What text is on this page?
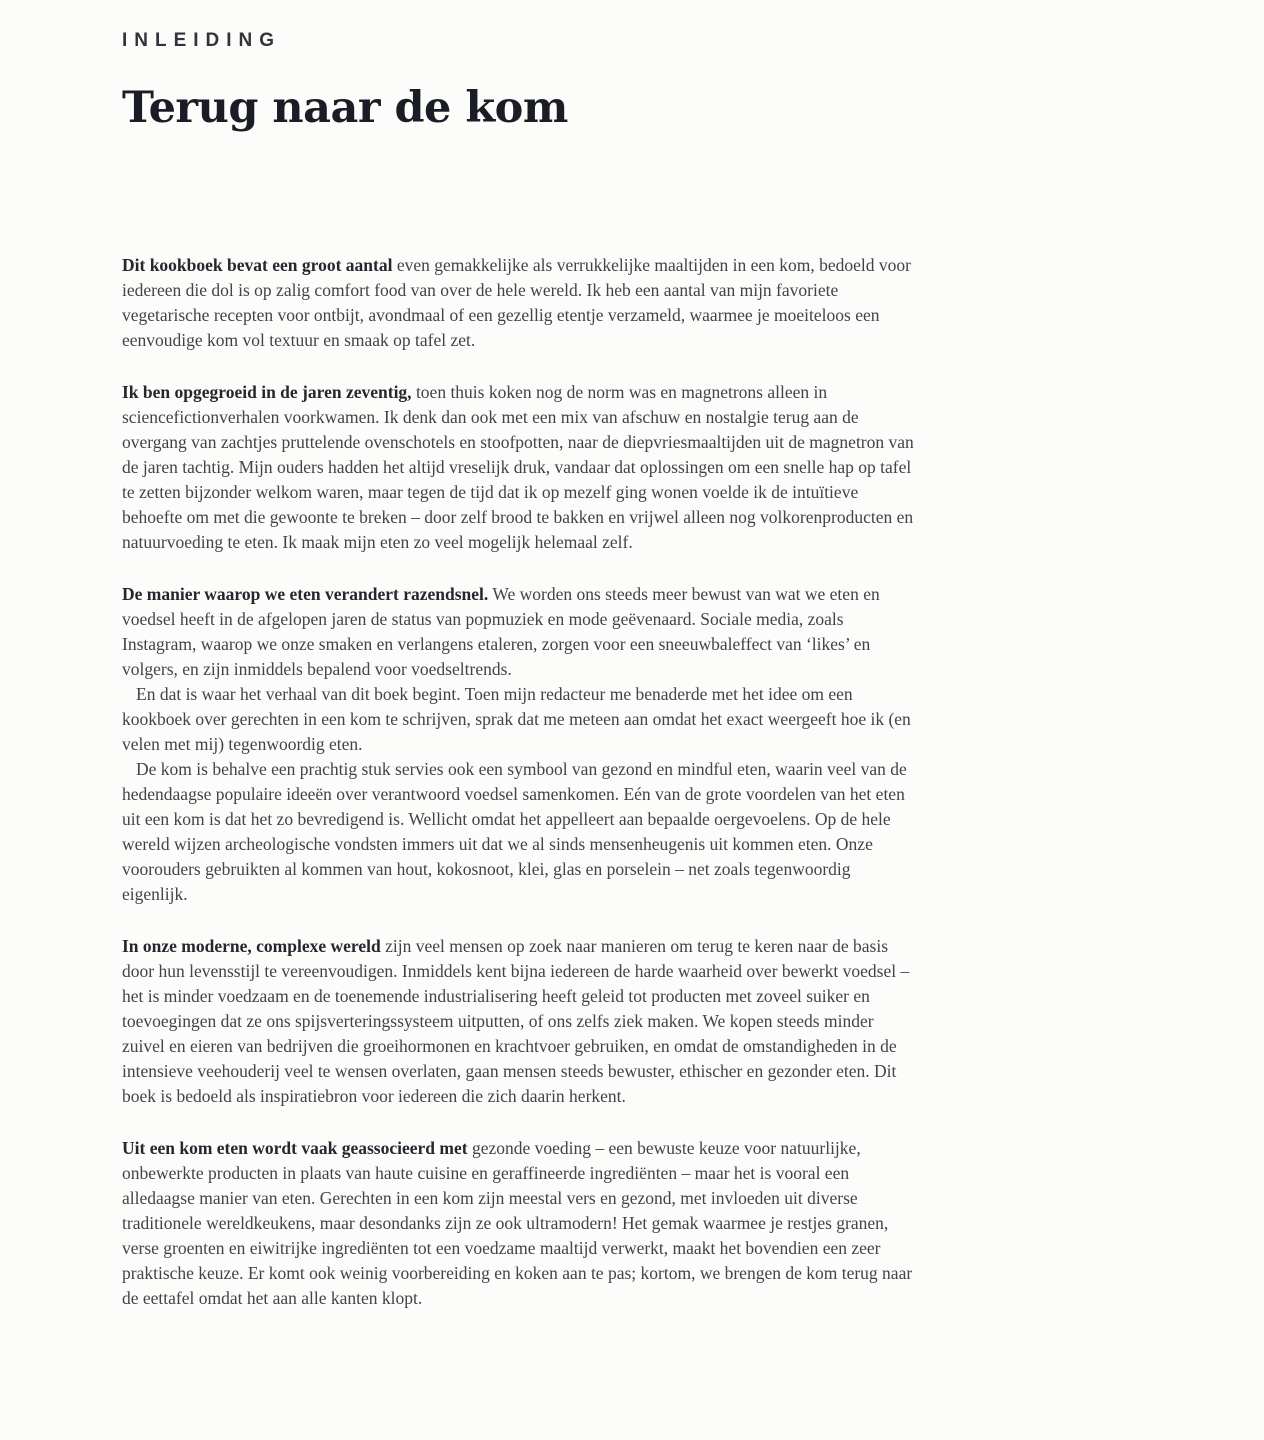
INLEIDING
Terug naar de kom

Dit kookboek bevat een groot aantal even gemakkelijke als verrukkelijke maaltijden in een kom, bedoeld voor iedereen die dol is op zalig comfort food van over de hele wereld. Ik heb een aantal van mijn favoriete vegetarische recepten voor ontbijt, avondmaal of een gezellig etentje verzameld, waarmee je moeiteloos een eenvoudige kom vol textuur en smaak op tafel zet.

Ik ben opgegroeid in de jaren zeventig, toen thuis koken nog de norm was en magnetrons alleen in sciencefictionverhalen voorkwamen. Ik denk dan ook met een mix van afschuw en nostalgie terug aan de overgang van zachtjes pruttelende ovenschotels en stoofpotten, naar de diepvriesmaaltijden uit de magnetron van de jaren tachtig. Mijn ouders hadden het altijd vreselijk druk, vandaar dat oplossingen om een snelle hap op tafel te zetten bijzonder welkom waren, maar tegen de tijd dat ik op mezelf ging wonen voelde ik de intuïtieve behoefte om met die gewoonte te breken – door zelf brood te bakken en vrijwel alleen nog volkorenproducten en natuurvoeding te eten. Ik maak mijn eten zo veel mogelijk helemaal zelf.

De manier waarop we eten verandert razendsnel. We worden ons steeds meer bewust van wat we eten en voedsel heeft in de afgelopen jaren de status van popmuziek en mode geëvenaard. Sociale media, zoals Instagram, waarop we onze smaken en verlangens etaleren, zorgen voor een sneeuwbaleffect van ‘likes’ en volgers, en zijn inmiddels bepalend voor voedseltrends.

En dat is waar het verhaal van dit boek begint. Toen mijn redacteur me benaderde met het idee om een kookboek over gerechten in een kom te schrijven, sprak dat me meteen aan omdat het exact weergeeft hoe ik (en velen met mij) tegenwoordig eten.

De kom is behalve een prachtig stuk servies ook een symbool van gezond en mindful eten, waarin veel van de hedendaagse populaire ideeën over verantwoord voedsel samenkomen. Eén van de grote voordelen van het eten uit een kom is dat het zo bevredigend is. Wellicht omdat het appelleert aan bepaalde oergevoelens. Op de hele wereld wijzen archeologische vondsten immers uit dat we al sinds mensenheugenis uit kommen eten. Onze voorouders gebruikten al kommen van hout, kokosnoot, klei, glas en porselein – net zoals tegenwoordig eigenlijk.

In onze moderne, complexe wereld zijn veel mensen op zoek naar manieren om terug te keren naar de basis door hun levensstijl te vereenvoudigen. Inmiddels kent bijna iedereen de harde waarheid over bewerkt voedsel – het is minder voedzaam en de toenemende industrialisering heeft geleid tot producten met zoveel suiker en toevoegingen dat ze ons spijsverteringssysteem uitputten, of ons zelfs ziek maken. We kopen steeds minder zuivel en eieren van bedrijven die groeihormonen en krachtvoer gebruiken, en omdat de omstandigheden in de intensieve veehouderij veel te wensen overlaten, gaan mensen steeds bewuster, ethischer en gezonder eten. Dit boek is bedoeld als inspiratiebron voor iedereen die zich daarin herkent.

Uit een kom eten wordt vaak geassocieerd met gezonde voeding – een bewuste keuze voor natuurlijke, onbewerkte producten in plaats van haute cuisine en geraffineerde ingrediënten – maar het is vooral een alledaagse manier van eten. Gerechten in een kom zijn meestal vers en gezond, met invloeden uit diverse traditionele wereldkeukens, maar desondanks zijn ze ook ultramodern! Het gemak waarmee je restjes granen, verse groenten en eiwitrijke ingrediënten tot een voedzame maaltijd verwerkt, maakt het bovendien een zeer praktische keuze. Er komt ook weinig voorbereiding en koken aan te pas; kortom, we brengen de kom terug naar de eettafel omdat het aan alle kanten klopt.
